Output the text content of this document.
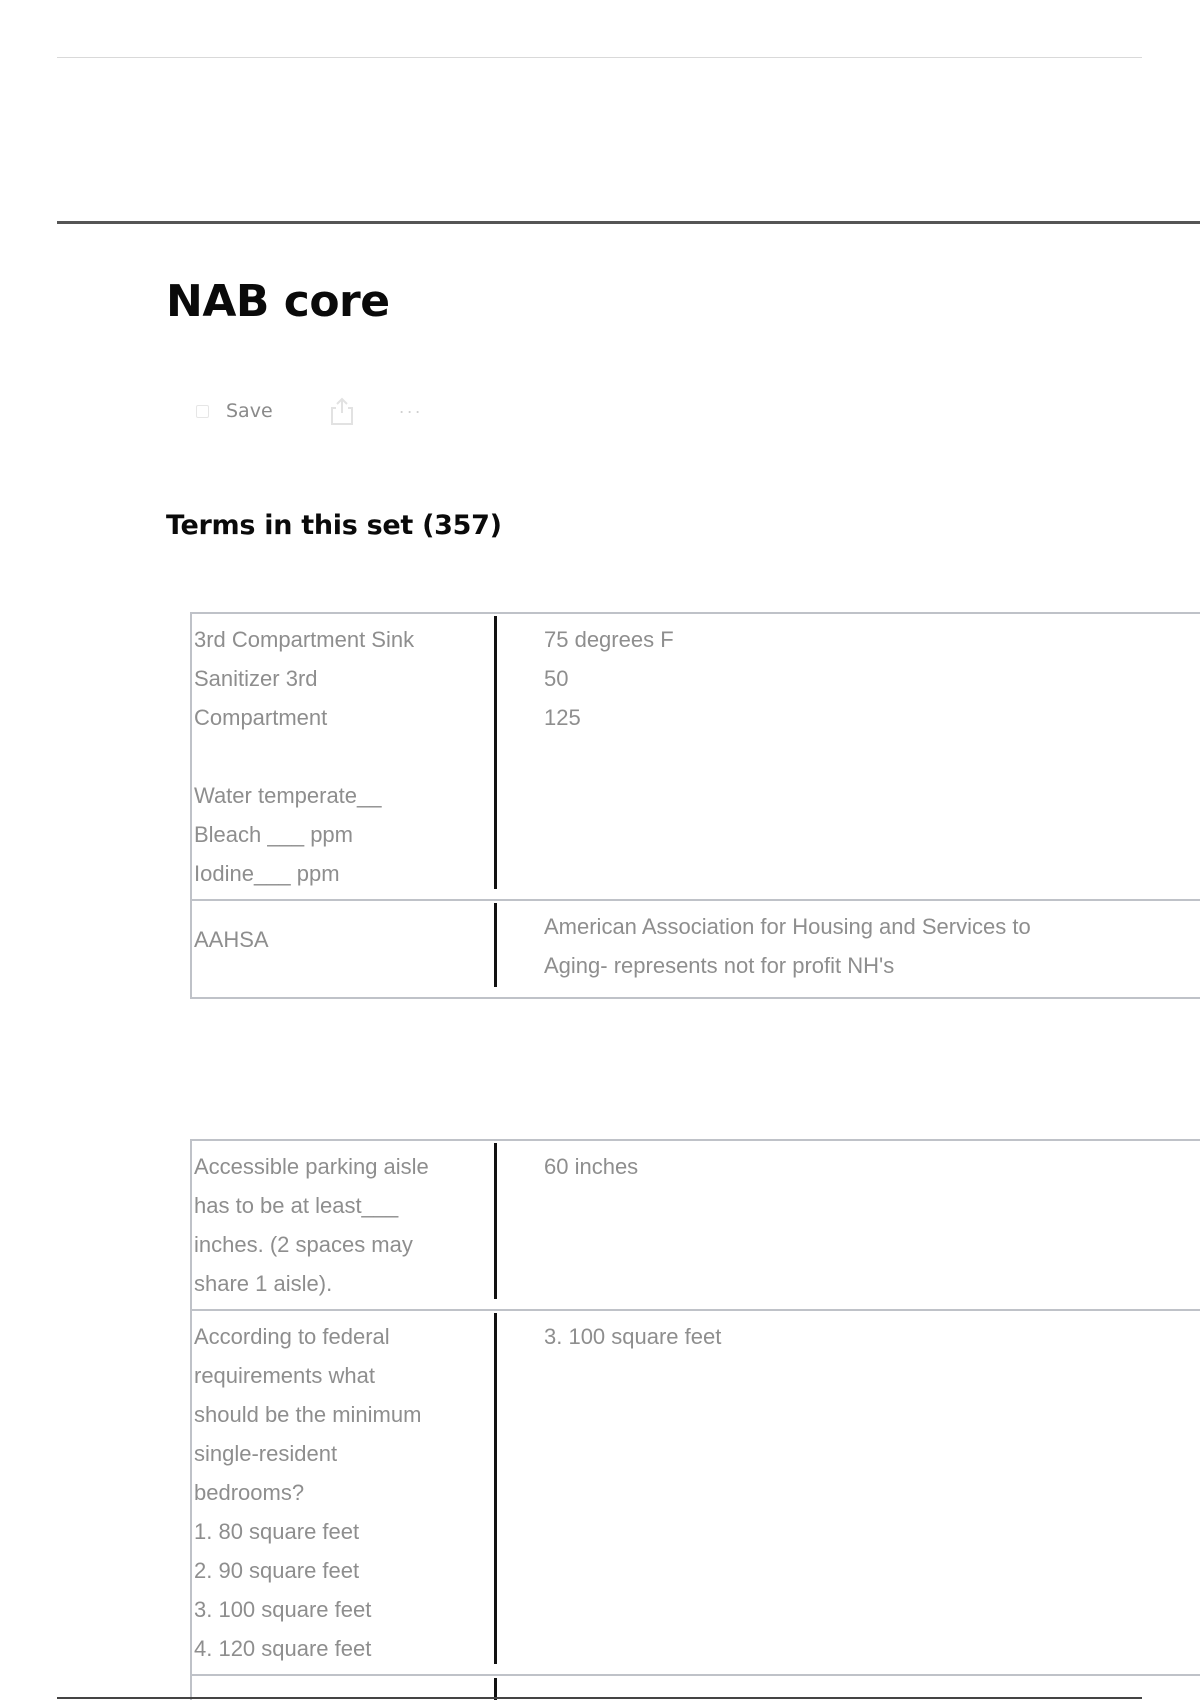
NAB core
Save	···
Terms in this set (357)
3rd Compartment Sink
Sanitizer 3rd
Compartment

Water temperate__
Bleach ___ ppm
Iodine___ ppm
75 degrees F
50
125
AAHSA
American Association for Housing and Services to
Aging- represents not for profit NH's
Accessible parking aisle
has to be at least___
inches. (2 spaces may
share 1 aisle).
60 inches
According to federal
requirements what
should be the minimum
single-resident
bedrooms?
1. 80 square feet
2. 90 square feet
3. 100 square feet
4. 120 square feet
3. 100 square feet
